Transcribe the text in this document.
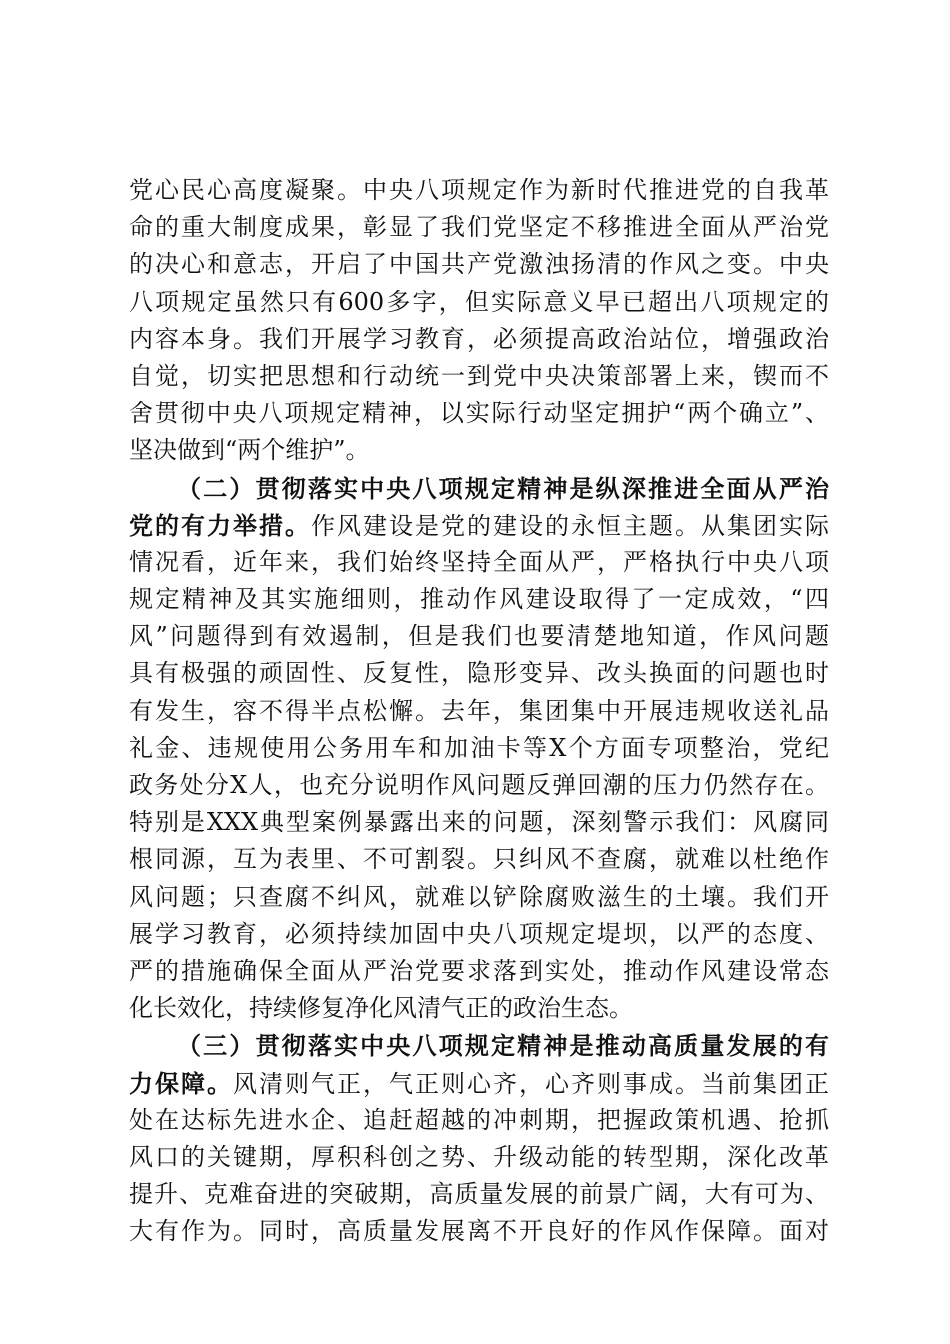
党心民心高度凝聚。中央八项规定作为新时代推进党的自我革
命的重大制度成果，彰显了我们党坚定不移推进全面从严治党
的决心和意志，开启了中国共产党激浊扬清的作风之变。中央
八项规定虽然只有600多字，但实际意义早已超出八项规定的
内容本身。我们开展学习教育，必须提高政治站位，增强政治
自觉，切实把思想和行动统一到党中央决策部署上来，锲而不
舍贯彻中央八项规定精神，以实际行动坚定拥护“两个确立”、
坚决做到“两个维护”。
（二）贯彻落实中央八项规定精神是纵深推进全面从严治
党的有力举措。作风建设是党的建设的永恒主题。从集团实际
情况看，近年来，我们始终坚持全面从严，严格执行中央八项
规定精神及其实施细则，推动作风建设取得了一定成效，“四
风”问题得到有效遏制，但是我们也要清楚地知道，作风问题
具有极强的顽固性、反复性，隐形变异、改头换面的问题也时
有发生，容不得半点松懈。去年，集团集中开展违规收送礼品
礼金、违规使用公务用车和加油卡等X个方面专项整治，党纪
政务处分X人，也充分说明作风问题反弹回潮的压力仍然存在。
特别是XXX典型案例暴露出来的问题，深刻警示我们：风腐同
根同源，互为表里、不可割裂。只纠风不查腐，就难以杜绝作
风问题；只查腐不纠风，就难以铲除腐败滋生的土壤。我们开
展学习教育，必须持续加固中央八项规定堤坝，以严的态度、
严的措施确保全面从严治党要求落到实处，推动作风建设常态
化长效化，持续修复净化风清气正的政治生态。
（三）贯彻落实中央八项规定精神是推动高质量发展的有
力保障。风清则气正，气正则心齐，心齐则事成。当前集团正
处在达标先进水企、追赶超越的冲刺期，把握政策机遇、抢抓
风口的关键期，厚积科创之势、升级动能的转型期，深化改革
提升、克难奋进的突破期，高质量发展的前景广阔，大有可为、
大有作为。同时，高质量发展离不开良好的作风作保障。面对
